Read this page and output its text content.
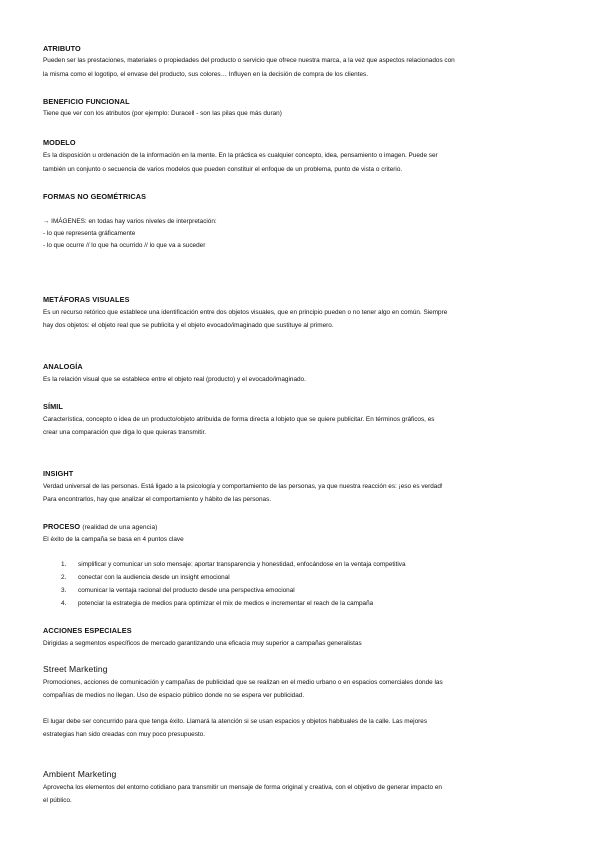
ATRIBUTO
Pueden ser las prestaciones, materiales o propiedades del producto o servicio que ofrece nuestra marca, a la vez que aspectos relacionados con
la misma como el logotipo, el envase del producto, sus colores… Influyen en la decisión de compra de los clientes.
BENEFICIO FUNCIONAL
Tiene que ver con los atributos (por ejemplo: Duracell - son las pilas que más duran)
MODELO
Es la disposición u ordenación de la información en la mente. En la práctica es cualquier concepto, idea, pensamiento o imagen. Puede ser
también un conjunto o secuencia de varios modelos que pueden constituir el enfoque de un problema, punto de vista o criterio.
FORMAS NO GEOMÉTRICAS
→ IMÁGENES: en todas hay varios niveles de interpretación:
- lo que representa gráficamente
- lo que ocurre // lo que ha ocurrido // lo que va a suceder
METÁFORAS VISUALES
Es un recurso retórico que establece una identificación entre dos objetos visuales, que en principio pueden o no tener algo en común. Siempre
hay dos objetos: el objeto real que se publicita y el objeto evocado/imaginado que sustituye al primero.
ANALOGÍA
Es la relación visual que se establece entre el objeto real (producto) y el evocado/imaginado.
SÍMIL
Característica, concepto o idea de un producto/objeto atribuida de forma directa a lobjeto que se quiere publicitar. En términos gráficos, es
crear una comparación que diga lo que quieras transmitir.
INSIGHT
Verdad universal de las personas. Está ligado a la psicología y comportamiento de las personas, ya que nuestra reacción es: ¡eso es verdad!
Para encontrarlos, hay que analizar el comportamiento y hábito de las personas.
PROCESO (realidad de una agencia)
El éxito de la campaña se basa en 4 puntos clave
1. simplificar y comunicar un solo mensaje: aportar transparencia y honestidad, enfocándose en la ventaja competitiva
2. conectar con la audiencia desde un insight emocional
3. comunicar la ventaja racional del producto desde una perspectiva emocional
4. potenciar la estrategia de medios para optimizar el mix de medios e incrementar el reach de la campaña
ACCIONES ESPECIALES
Dirigidas a segmentos específicos de mercado garantizando una eficacia muy superior a campañas generalistas
Street Marketing
Promociones, acciones de comunicación y campañas de publicidad que se realizan en el medio urbano o en espacios comerciales donde las
compañías de medios no llegan. Uso de espacio público donde no se espera ver publicidad.
El lugar debe ser concurrido para que tenga éxito. Llamará la atención si se usan espacios y objetos habituales de la calle. Las mejores
estrategias han sido creadas con muy poco presupuesto.
Ambient Marketing
Aprovecha los elementos del entorno cotidiano para transmitir un mensaje de forma original y creativa, con el objetivo de generar impacto en
el público.
